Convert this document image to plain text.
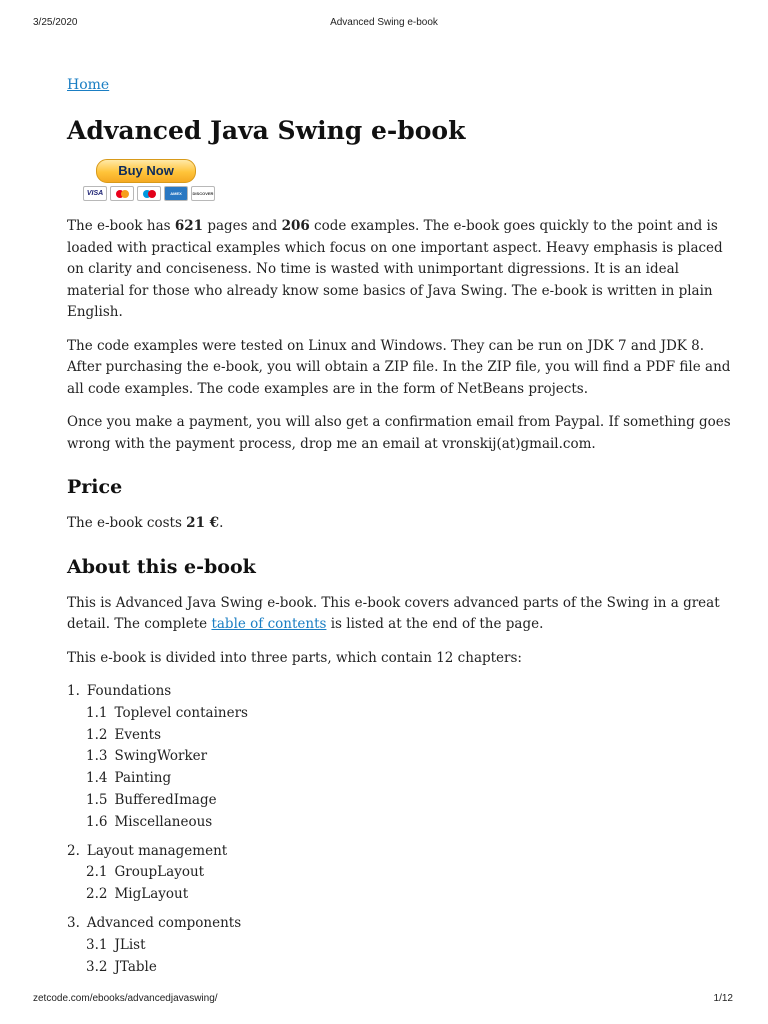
3/25/2020	Advanced Swing e-book
Home
Advanced Java Swing e-book
Buy Now
VISA	AMEX	DISCOVER

The e-book has 621 pages and 206 code examples. The e-book goes quickly to the point and is loaded with practical examples which focus on one important aspect. Heavy emphasis is placed on clarity and conciseness. No time is wasted with unimportant digressions. It is an ideal material for those who already know some basics of Java Swing. The e-book is written in plain English.

The code examples were tested on Linux and Windows. They can be run on JDK 7 and JDK 8. After purchasing the e-book, you will obtain a ZIP file. In the ZIP file, you will find a PDF file and all code examples. The code examples are in the form of NetBeans projects.

Once you make a payment, you will also get a confirmation email from Paypal. If something goes wrong with the payment process, drop me an email at vronskij(at)gmail.com.

Price

The e-book costs 21 €.

About this e-book

This is Advanced Java Swing e-book. This e-book covers advanced parts of the Swing in a great detail. The complete table of contents is listed at the end of the page.

This e-book is divided into three parts, which contain 12 chapters:

1. Foundations
1.1 Toplevel containers
1.2 Events
1.3 SwingWorker
1.4 Painting
1.5 BufferedImage
1.6 Miscellaneous
2. Layout management
2.1 GroupLayout
2.2 MigLayout
3. Advanced components
3.1 JList
3.2 JTable
zetcode.com/ebooks/advancedjavaswing/	1/12
